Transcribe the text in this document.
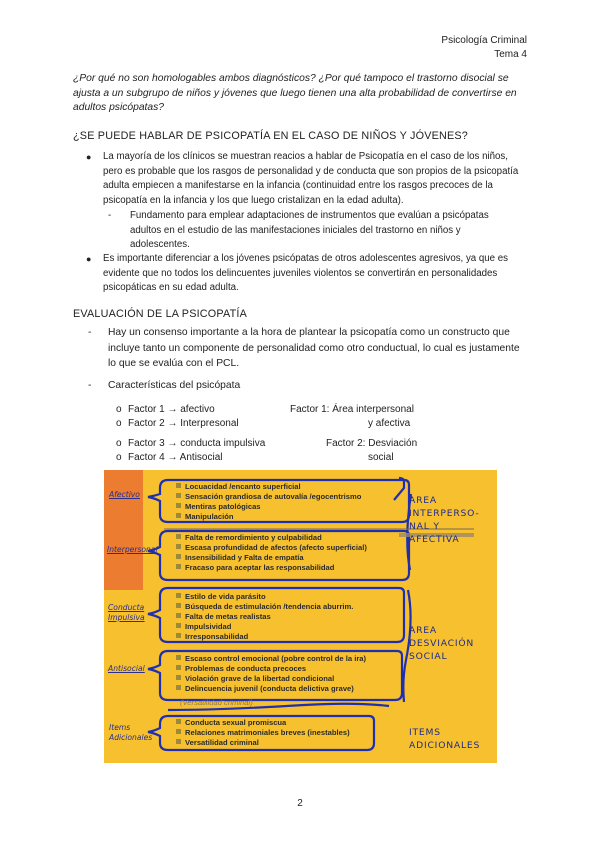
Psicología Criminal
Tema 4
¿Por qué no son homologables ambos diagnósticos? ¿Por qué tampoco el trastorno disocial se ajusta a un subgrupo de niños y jóvenes que luego tienen una alta probabilidad de convertirse en adultos psicópatas?
¿SE PUEDE HABLAR DE PSICOPATÍA EN EL CASO DE NIÑOS Y JÓVENES?
● La mayoría de los clínicos se muestran reacios a hablar de Psicopatía en el caso de los niños, pero es probable que los rasgos de personalidad y de conducta que son propios de la psicopatía adulta empiecen a manifestarse en la infancia (continuidad entre los rasgos precoces de la psicopatía en la infancia y los que luego cristalizan en la edad adulta).
- Fundamento para emplear adaptaciones de instrumentos que evalúan a psicópatas adultos en el estudio de las manifestaciones iniciales del trastorno en niños y adolescentes.
● Es importante diferenciar a los jóvenes psicópatas de otros adolescentes agresivos, ya que es evidente que no todos los delincuentes juveniles violentos se convertirán en personalidades psicopáticas en su edad adulta.
EVALUACIÓN DE LA PSICOPATÍA
- Hay un consenso importante a la hora de plantear la psicopatía como un constructo que incluye tanto un componente de personalidad como otro conductual, lo cual es justamente lo que se evalúa con el PCL.
- Características del psicópata
o Factor 1 → afectivo
o Factor 2 → Interpresonal
Factor 1: Área interpersonal
y afectiva
o Factor 3 → conducta impulsiva
o Factor 4 → Antisocial
Factor 2: Desviación
social
Afectivo
Interpersonal
Conducta
Impulsiva
Antisocial
Items
Adicionales
Locuacidad /encanto superficial
Sensación grandiosa de autovalía /egocentrismo
Mentiras patológicas
Manipulación
Falta de remordimiento y culpabilidad
Escasa profundidad de afectos (afecto superficial)
Insensibilidad y Falta de empatía
Fracaso para aceptar las responsabilidad
Estilo de vida parásito
Búsqueda de estimulación /tendencia aburrim.
Falta de metas realistas
Impulsividad
Irresponsabilidad
Escaso control emocional (pobre control de la ira)
Problemas de conducta precoces
Violación grave de la libertad condicional
Delincuencia juvenil (conducta delictiva grave)
(Versatilidad criminal)
Conducta sexual promiscua
Relaciones matrimoniales breves (inestables)
Versatilidad criminal
AREA
INTERPERSO-
NAL Y
AFECTIVA
AREA
DESVIACIÓN
SOCIAL
ITEMS
ADICIONALES
2
